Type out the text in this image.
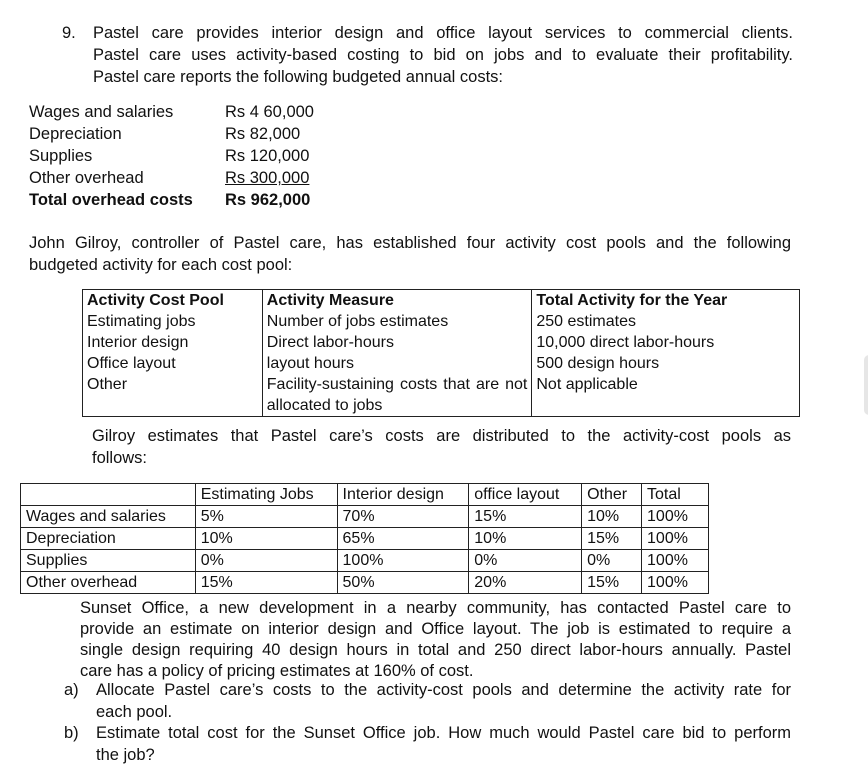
9. Pastel care provides interior design and office layout services to commercial clients.
Pastel care uses activity-based costing to bid on jobs and to evaluate their profitability.
Pastel care reports the following budgeted annual costs:
Wages and salaries	Rs 4 60,000
Depreciation	Rs 82,000
Supplies	Rs 120,000
Other overhead	Rs 300,000
Total overhead costs Rs 962,000
John Gilroy, controller of Pastel care, has established four activity cost pools and the following
budgeted activity for each cost pool:
Activity Cost Pool	Activity Measure	Total Activity for the Year
Estimating jobs	Number of jobs estimates	250 estimates
Interior design	Direct labor-hours	10,000 direct labor-hours
Office layout	layout hours	500 design hours
Other	Facility-sustaining costs that are not allocated to jobs	Not applicable
Gilroy estimates that Pastel care’s costs are distributed to the activity-cost pools as
follows:
	Estimating Jobs	Interior design	office layout	Other	Total
Wages and salaries	5%	70%	15%	10%	100%
Depreciation	10%	65%	10%	15%	100%
Supplies	0%	100%	0%	0%	100%
Other overhead	15%	50%	20%	15%	100%
Sunset Office, a new development in a nearby community, has contacted Pastel care to
provide an estimate on interior design and Office layout. The job is estimated to require a
single design requiring 40 design hours in total and 250 direct labor-hours annually. Pastel
care has a policy of pricing estimates at 160% of cost.
a) Allocate Pastel care’s costs to the activity-cost pools and determine the activity rate for
each pool.
b) Estimate total cost for the Sunset Office job. How much would Pastel care bid to perform
the job?
